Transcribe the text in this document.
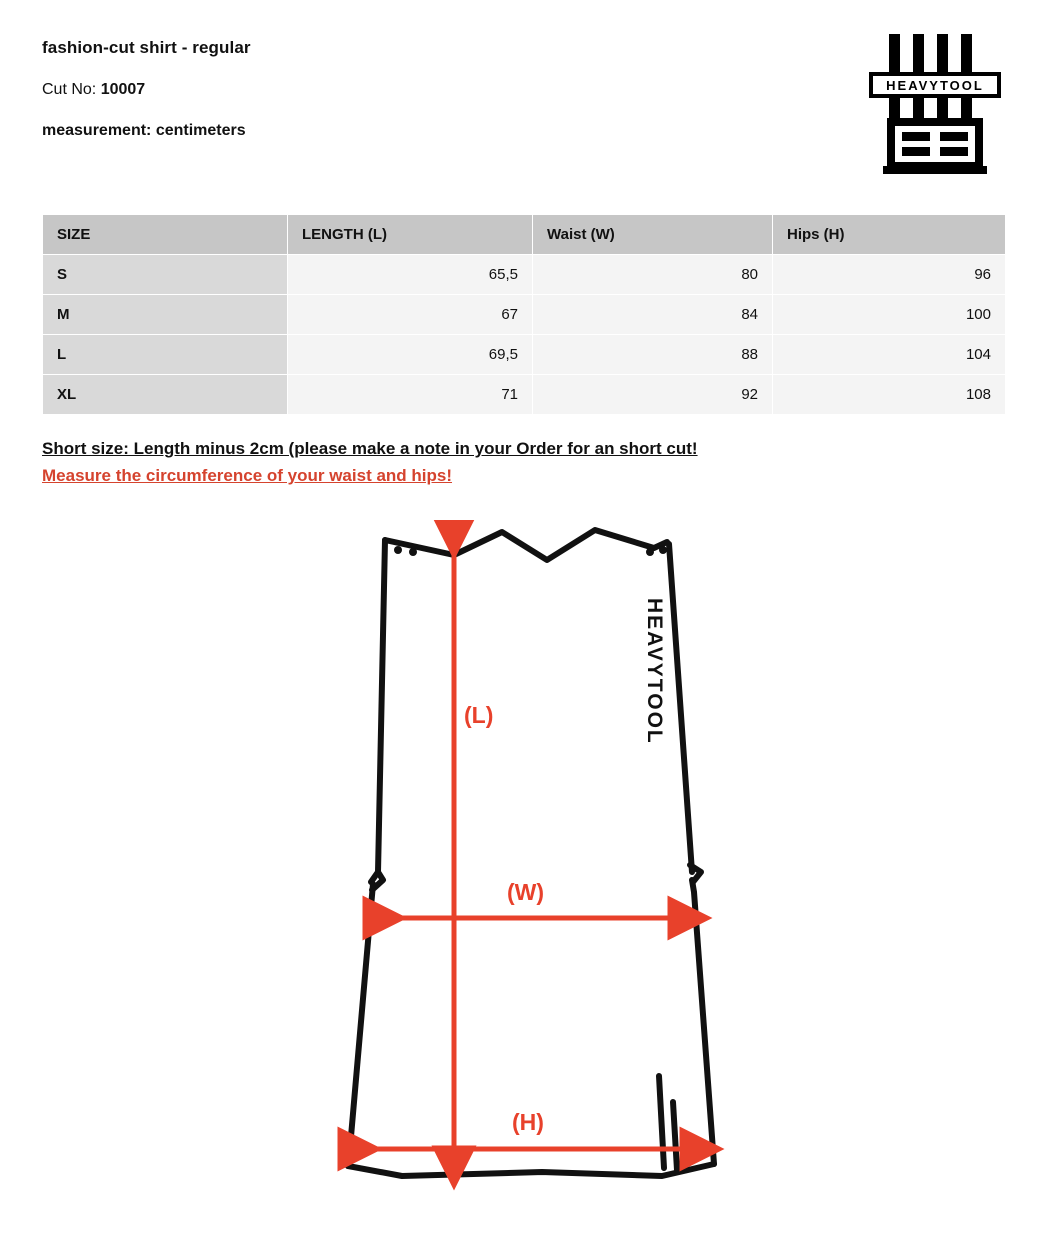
fashion-cut shirt - regular
Cut No: 10007
measurement: centimeters
HEAVYTOOL
SIZE	LENGTH (L)	Waist (W)	Hips (H)
S	65,5	80	96
M	67	84	100
L	69,5	88	104
XL	71	92	108
Short size: Length minus 2cm (please make a note in your Order for an short cut!
Measure the circumference of your waist and hips!
(L)
(W)
(H)
HEAVYTOOL
